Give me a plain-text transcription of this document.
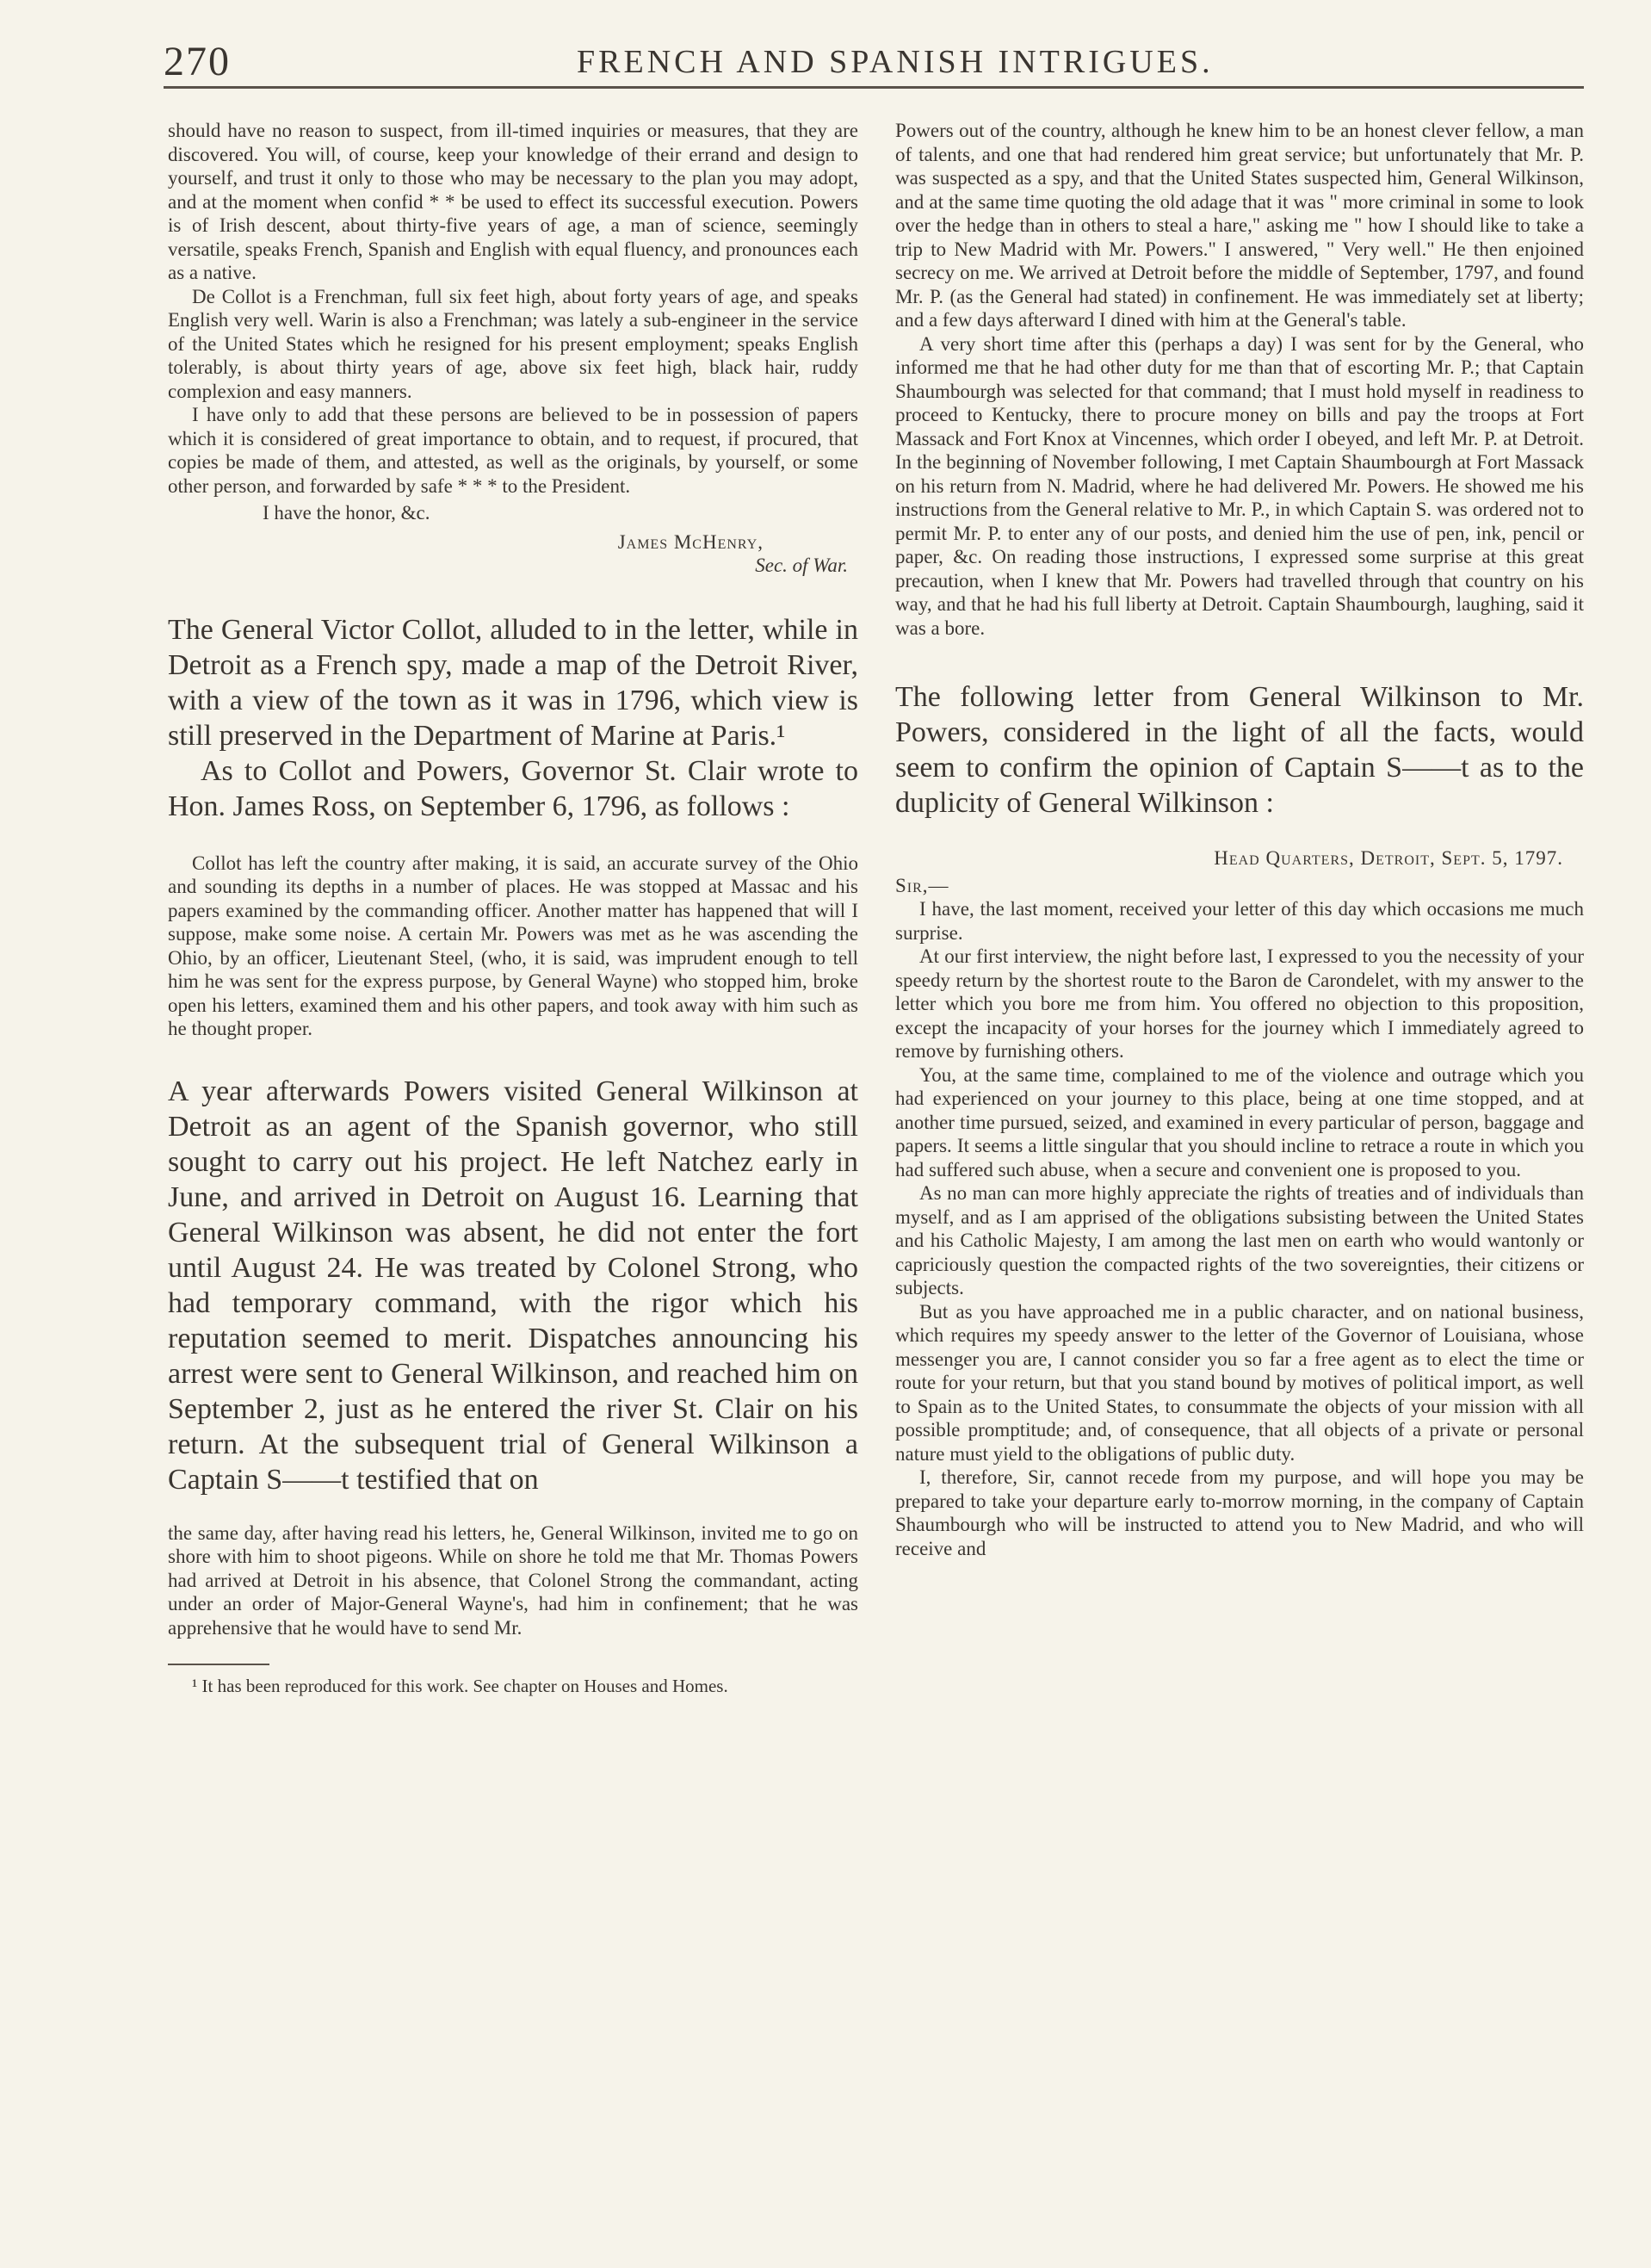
270	FRENCH AND SPANISH INTRIGUES.

should have no reason to suspect, from ill-timed inquiries or measures, that they are discovered. You will, of course, keep your knowledge of their errand and design to yourself, and trust it only to those who may be necessary to the plan you may adopt, and at the moment when confid * * be used to effect its successful execution. Powers is of Irish descent, about thirty-five years of age, a man of science, seemingly versatile, speaks French, Spanish and English with equal fluency, and pronounces each as a native.

De Collot is a Frenchman, full six feet high, about forty years of age, and speaks English very well. Warin is also a Frenchman; was lately a sub-engineer in the service of the United States which he resigned for his present employment; speaks English tolerably, is about thirty years of age, above six feet high, black hair, ruddy complexion and easy manners.

I have only to add that these persons are believed to be in possession of papers which it is considered of great importance to obtain, and to request, if procured, that copies be made of them, and attested, as well as the originals, by yourself, or some other person, and forwarded by safe * * * to the President.

I have the honor, &c.

James McHenry,

Sec. of War.

The General Victor Collot, alluded to in the letter, while in Detroit as a French spy, made a map of the Detroit River, with a view of the town as it was in 1796, which view is still preserved in the Department of Marine at Paris.¹

As to Collot and Powers, Governor St. Clair wrote to Hon. James Ross, on September 6, 1796, as follows :

Collot has left the country after making, it is said, an accurate survey of the Ohio and sounding its depths in a number of places. He was stopped at Massac and his papers examined by the commanding officer. Another matter has happened that will I suppose, make some noise. A certain Mr. Powers was met as he was ascending the Ohio, by an officer, Lieutenant Steel, (who, it is said, was imprudent enough to tell him he was sent for the express purpose, by General Wayne) who stopped him, broke open his letters, examined them and his other papers, and took away with him such as he thought proper.

A year afterwards Powers visited General Wilkinson at Detroit as an agent of the Spanish governor, who still sought to carry out his project. He left Natchez early in June, and arrived in Detroit on August 16. Learning that General Wilkinson was absent, he did not enter the fort until August 24. He was treated by Colonel Strong, who had temporary command, with the rigor which his reputation seemed to merit. Dispatches announcing his arrest were sent to General Wilkinson, and reached him on September 2, just as he entered the river St. Clair on his return. At the subsequent trial of General Wilkinson a Captain S——t testified that on

the same day, after having read his letters, he, General Wilkinson, invited me to go on shore with him to shoot pigeons. While on shore he told me that Mr. Thomas Powers had arrived at Detroit in his absence, that Colonel Strong the commandant, acting under an order of Major-General Wayne's, had him in confinement; that he was apprehensive that he would have to send Mr.

¹ It has been reproduced for this work. See chapter on Houses and Homes.

Powers out of the country, although he knew him to be an honest clever fellow, a man of talents, and one that had rendered him great service; but unfortunately that Mr. P. was suspected as a spy, and that the United States suspected him, General Wilkinson, and at the same time quoting the old adage that it was " more criminal in some to look over the hedge than in others to steal a hare," asking me " how I should like to take a trip to New Madrid with Mr. Powers." I answered, " Very well." He then enjoined secrecy on me. We arrived at Detroit before the middle of September, 1797, and found Mr. P. (as the General had stated) in confinement. He was immediately set at liberty; and a few days afterward I dined with him at the General's table.

A very short time after this (perhaps a day) I was sent for by the General, who informed me that he had other duty for me than that of escorting Mr. P.; that Captain Shaumbourgh was selected for that command; that I must hold myself in readiness to proceed to Kentucky, there to procure money on bills and pay the troops at Fort Massack and Fort Knox at Vincennes, which order I obeyed, and left Mr. P. at Detroit. In the beginning of November following, I met Captain Shaumbourgh at Fort Massack on his return from N. Madrid, where he had delivered Mr. Powers. He showed me his instructions from the General relative to Mr. P., in which Captain S. was ordered not to permit Mr. P. to enter any of our posts, and denied him the use of pen, ink, pencil or paper, &c. On reading those instructions, I expressed some surprise at this great precaution, when I knew that Mr. Powers had travelled through that country on his way, and that he had his full liberty at Detroit. Captain Shaumbourgh, laughing, said it was a bore.

The following letter from General Wilkinson to Mr. Powers, considered in the light of all the facts, would seem to confirm the opinion of Captain S——t as to the duplicity of General Wilkinson :

Head Quarters, Detroit, Sept. 5, 1797.

Sir,—

I have, the last moment, received your letter of this day which occasions me much surprise.

At our first interview, the night before last, I expressed to you the necessity of your speedy return by the shortest route to the Baron de Carondelet, with my answer to the letter which you bore me from him. You offered no objection to this proposition, except the incapacity of your horses for the journey which I immediately agreed to remove by furnishing others.

You, at the same time, complained to me of the violence and outrage which you had experienced on your journey to this place, being at one time stopped, and at another time pursued, seized, and examined in every particular of person, baggage and papers. It seems a little singular that you should incline to retrace a route in which you had suffered such abuse, when a secure and convenient one is proposed to you.

As no man can more highly appreciate the rights of treaties and of individuals than myself, and as I am apprised of the obligations subsisting between the United States and his Catholic Majesty, I am among the last men on earth who would wantonly or capriciously question the compacted rights of the two sovereignties, their citizens or subjects.

But as you have approached me in a public character, and on national business, which requires my speedy answer to the letter of the Governor of Louisiana, whose messenger you are, I cannot consider you so far a free agent as to elect the time or route for your return, but that you stand bound by motives of political import, as well to Spain as to the United States, to consummate the objects of your mission with all possible promptitude; and, of consequence, that all objects of a private or personal nature must yield to the obligations of public duty.

I, therefore, Sir, cannot recede from my purpose, and will hope you may be prepared to take your departure early to-morrow morning, in the company of Captain Shaumbourgh who will be instructed to attend you to New Madrid, and who will receive and
